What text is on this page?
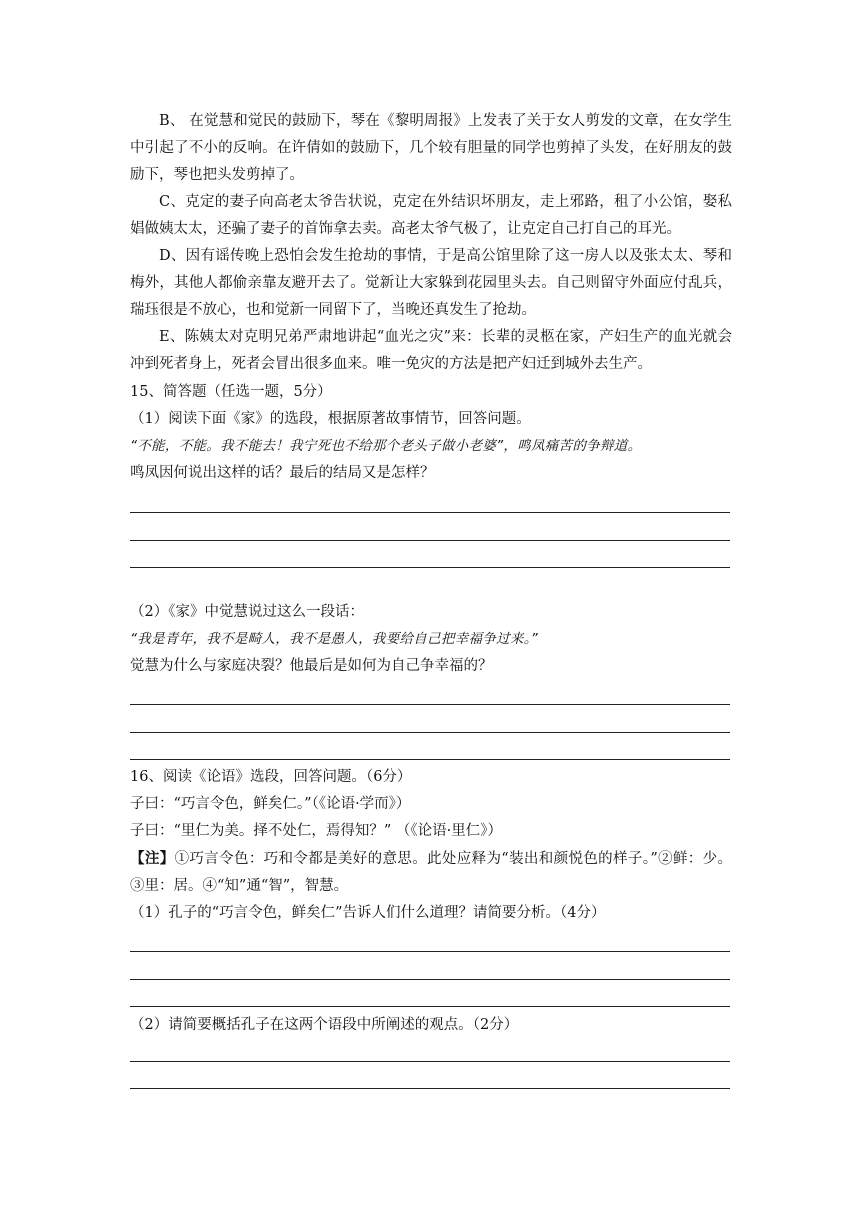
B、 在觉慧和觉民的鼓励下，琴在《黎明周报》上发表了关于女人剪发的文章，在女学生中引起了不小的反响。在许倩如的鼓励下，几个较有胆量的同学也剪掉了头发，在好朋友的鼓励下，琴也把头发剪掉了。

C、克定的妻子向高老太爷告状说，克定在外结识坏朋友，走上邪路，租了小公馆，娶私娼做姨太太，还骗了妻子的首饰拿去卖。高老太爷气极了，让克定自己打自己的耳光。

D、因有谣传晚上恐怕会发生抢劫的事情，于是高公馆里除了这一房人以及张太太、琴和梅外，其他人都偷亲靠友避开去了。觉新让大家躲到花园里头去。自己则留守外面应付乱兵，瑞珏很是不放心，也和觉新一同留下了，当晚还真发生了抢劫。

E、陈姨太对克明兄弟严肃地讲起“血光之灾”来：长辈的灵柩在家，产妇生产的血光就会冲到死者身上，死者会冒出很多血来。唯一免灾的方法是把产妇迁到城外去生产。

15、简答题（任选一题，5分）

（1）阅读下面《家》的选段，根据原著故事情节，回答问题。

“不能，不能。我不能去！我宁死也不给那个老头子做小老婆”，鸣凤痛苦的争辩道。

鸣凤因何说出这样的话？最后的结局又是怎样？

（2）《家》中觉慧说过这么一段话：

“我是青年，我不是畸人，我不是愚人，我要给自己把幸福争过来。”

觉慧为什么与家庭决裂？他最后是如何为自己争幸福的？

16、阅读《论语》选段，回答问题。（6分）

子曰：“巧言令色，鲜矣仁。”（《论语·学而》）

子曰：“里仁为美。择不处仁，焉得知？” （《论语·里仁》）

【注】①巧言令色：巧和令都是美好的意思。此处应释为“装出和颜悦色的样子。”②鲜：少。③里：居。④“知”通“智”，智慧。

（1）孔子的“巧言令色，鲜矣仁”告诉人们什么道理？请简要分析。（4分）

（2）请简要概括孔子在这两个语段中所阐述的观点。（2分）
